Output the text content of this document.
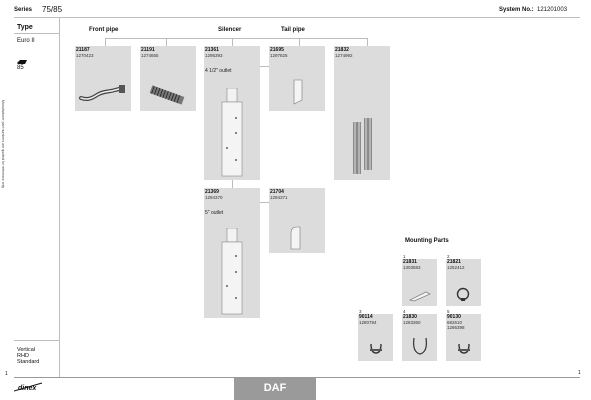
Series 75/85	System No.: 121201003
Type
Euro II
85
Vertical
RHD
Standard
Manufacturer part numbers are quoted for reference only
Front pipe	Silencer	Tail pipe
21187
1270423
21191
1274655
21361
1295393
4 1/2" outlet
21695
1297825
21832
1274992
21369
1294370
5" outlet
21704
1294371
Mounting Parts
1
21831
1303583
2
21821
1252412
3
90114
1280784
4
21830
1283360
5
90130
682610
1286398
1	1
dinex	DAF
